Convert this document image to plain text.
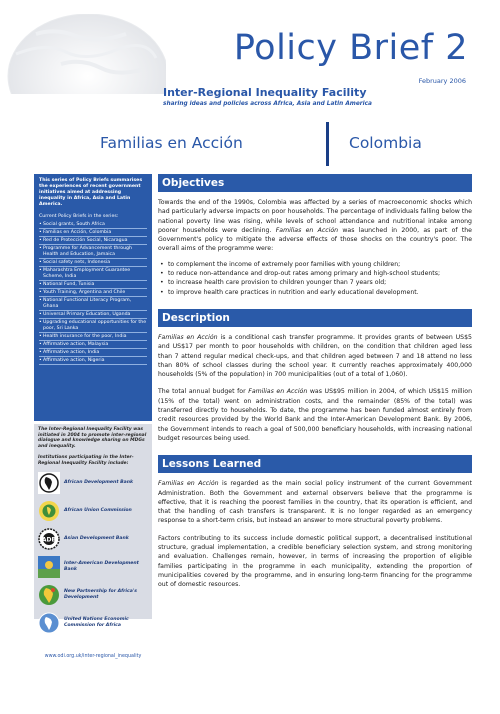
Policy Brief 2
February 2006
Inter-Regional Inequality Facility
sharing ideas and policies across Africa, Asia and Latin America
Familias en Acción	Colombia

This series of Policy Briefs summarises the experiences of recent government initiatives aimed at addressing inequality in Africa, Asia and Latin America.

Current Policy Briefs in the series:

• Social grants, South Africa
• Familias en Acción, Colombia
• Red de Protección Social, Nicaragua
• Programme for Advancement through Health and Education, Jamaica
• Social safety nets, Indonesia
• Maharashtra Employment Guarantee Scheme, India
• National Fund, Tunisia
• Youth Training, Argentina and Chile
• National Functional Literacy Program, Ghana
• Universal Primary Education, Uganda
• Upgrading educational opportunities for the poor, Sri Lanka
• Health insurance for the poor, India
• Affirmative action, Malaysia
• Affirmative action, India
• Affirmative action, Nigeria

The Inter-Regional Inequality Facility was initiated in 2004 to promote inter-regional dialogue and knowledge sharing on MDGs and inequality.

Institutions participating in the Inter-Regional Inequality Facility include:

African Development Bank
African Union Commission
ADB Asian Development Bank
Inter-American Development Bank
New Partnership for Africa's Development
United Nations Economic Commission for Africa
www.odi.org.uk/inter-regional_inequality
Objectives

Towards the end of the 1990s, Colombia was affected by a series of macroeconomic shocks which had particularly adverse impacts on poor households. The percentage of individuals falling below the national poverty line was rising, while levels of school attendance and nutritional intake among poorer households were declining. Familias en Acción was launched in 2000, as part of the Government's policy to mitigate the adverse effects of those shocks on the country's poor. The overall aims of the programme were:

• to complement the income of extremely poor families with young children;
• to reduce non-attendance and drop-out rates among primary and high-school students;
• to increase health care provision to children younger than 7 years old;
• to improve health care practices in nutrition and early educational development.
Description

Familias en Acción is a conditional cash transfer programme. It provides grants of between US$5 and US$17 per month to poor households with children, on the condition that children aged less than 7 attend regular medical check-ups, and that children aged between 7 and 18 attend no less than 80% of school classes during the school year. It currently reaches approximately 400,000 households (5% of the population) in 700 municipalities (out of a total of 1,060).

The total annual budget for Familias en Acción was US$95 million in 2004, of which US$15 million (15% of the total) went on administration costs, and the remainder (85% of the total) was transferred directly to households. To date, the programme has been funded almost entirely from credit resources provided by the World Bank and the Inter-American Development Bank. By 2006, the Government intends to reach a goal of 500,000 beneficiary households, with increasing national budget resources being used.

Lessons Learned

Familias en Acción is regarded as the main social policy instrument of the current Government Administration. Both the Government and external observers believe that the programme is effective, that it is reaching the poorest families in the country, that its operation is efficient, and that the handling of cash transfers is transparent. It is no longer regarded as an emergency response to a short-term crisis, but instead an answer to more structural poverty problems.

Factors contributing to its success include domestic political support, a decentralised institutional structure, gradual implementation, a credible beneficiary selection system, and strong monitoring and evaluation. Challenges remain, however, in terms of increasing the proportion of eligible families participating in the programme in each municipality, extending the proportion of municipalities covered by the programme, and in ensuring long-term financing for the programme out of domestic resources.
